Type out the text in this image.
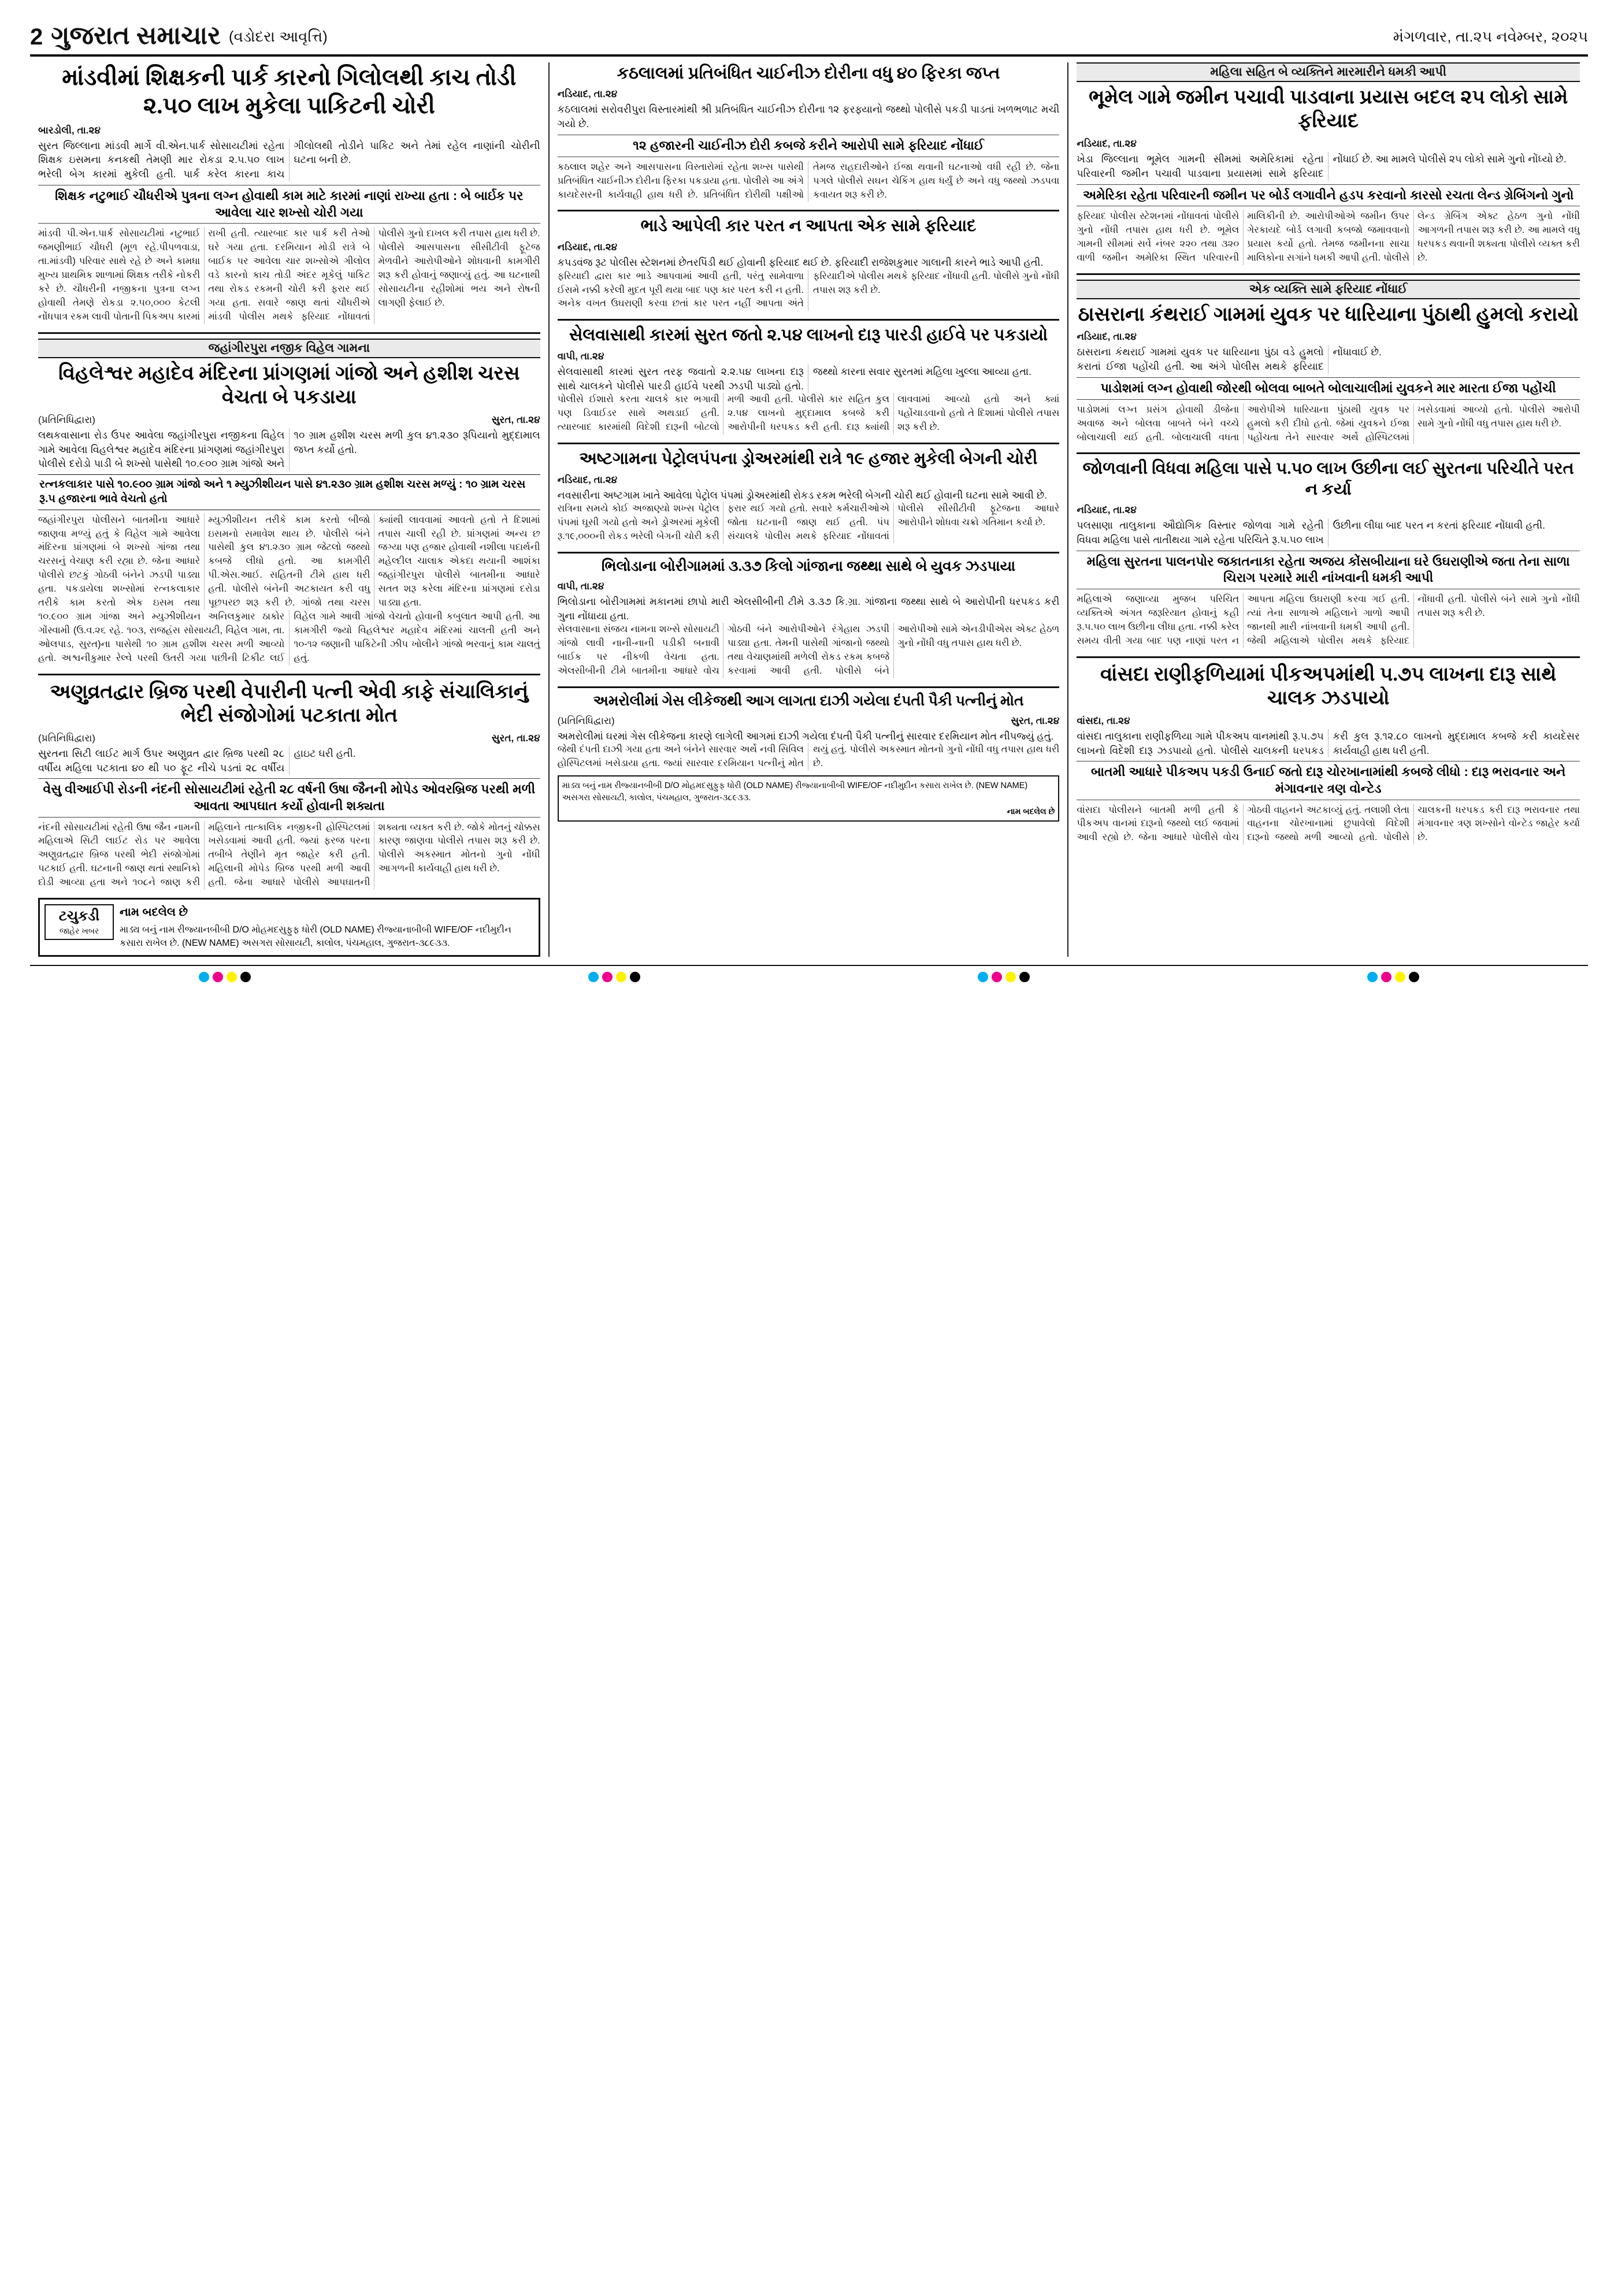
2 ગુજરાત સમાચાર (વડોદરા આવૃત્તિ)	મંગળવાર, તા.૨૫ નવેમ્બર, ૨૦૨૫
માંડવીમાં શિક્ષકની પાર્ક કારનો ગિલોલથી કાચ તોડી ૨.૫૦ લાખ મુકેલા પાકિટની ચોરી
બારડોલી, તા.૨૪
સુરત જિલ્લાના માંડવી માર્ગે વી.એન.પાર્ક સોસાયટીમાં રહેતા શિક્ષક ઇસમના કનકથી તેમણી માર રોકડા ૨.૫.૫૦ લાખ ભરેલી બેગ કારમાં મુકેલી હતી. પાર્ક કરેલ કારના કાચ ગીલોલથી તોડીને પાકિટ અને તેમાં રહેલ નાણાંની ચોરીની ઘટના બની છે.
શિક્ષક નટુભાઈ ચૌધરીએ પુત્રના લગ્ન હોવાથી કામ માટે કારમાં નાણાં રાખ્યા હતા : બે બાર્ઇક પર આવેલા ચાર શખ્સો ચોરી ગયા
માંડવી પી.એન.પાર્ક સોસાયટીમાં નટુભાઈ જમણીભાઈ ચૌધરી (મૂળ રહે.પીપળવાડા, તા.માંડવી) પરિવાર સાથે રહે છે અને કામધા મુખ્ય પ્રાથમિક શાળામાં શિક્ષક તરીકે નોકરી કરે છે. ચૌધરીની નજીકના પુત્રના લગ્ન હોવાથી તેમણે રોકડા ૨.૫૦,૦૦૦ કેટલી નોંધપાત્ર રકમ લાવી પોતાની પિકઅપ કારમાં રાખી હતી. ત્યારબાદ કાર પાર્ક કરી તેઓ ઘરે ગયા હતા. દરમિયાન મોડી રાત્રે બે બાઈક પર આવેલા ચાર શખ્સોએ ગીલોલ વડે કારનો કાચ તોડી અંદર મૂકેલું પાકિટ તથા રોકડ રકમની ચોરી કરી ફરાર થઈ ગયા હતા. સવારે જાણ થતાં ચૌધરીએ માંડવી પોલીસ મથકે ફરિયાદ નોંધાવતાં પોલીસે ગુનો દાખલ કરી તપાસ હાથ ધરી છે. પોલીસે આસપાસના સીસીટીવી ફૂટેજ મેળવીને આરોપીઓને શોધવાની કામગીરી શરૂ કરી હોવાનું જણાવ્યું હતું. આ ઘટનાથી સોસાયટીના રહીશોમાં ભય અને રોષની લાગણી ફેલાઈ છે.
જહાંગીરપુરા નજીક વિહેલ ગામના
વિહલેશ્વર મહાદેવ મંદિરના પ્રાંગણમાં ગાંજો અને હશીશ ચરસ વેચતા બે પકડાયા
(પ્રતિનિધિદ્વારા)	સુરત, તા.૨૪
લથકવાસાના રોડ ઉપર આવેલા જહાંગીરપુરા નજીકના વિહેલ ગામે આવેલા વિહલેશ્વર મહાદેવ મંદિરના પ્રાંગણમાં જહાંગીરપુરા પોલીસે દરોડો પાડી બે શખ્સો પાસેથી ૧૦.૯૦૦ ગ્રામ ગાંજો અને ૧૦ ગ્રામ હશીશ ચરસ મળી કુલ ૪૧.૨૩૦ રૂપિયાનો મુદ્દામાલ જપ્ત કર્યો હતો.
રત્નકલાકાર પાસે ૧૦.૯૦૦ ગ્રામ ગાંજો અને ૧ મ્યુઝીશીયન પાસે ૪૧.૨૩૦ ગ્રામ હશીશ ચરસ મળ્યું : ૧૦ ગ્રામ ચરસ રૂ.૫ હજારના ભાવે વેચતો હતો
જહાંગીરપુરા પોલીસને બાતમીના આધારે જાણવા મળ્યું હતું કે વિહેલ ગામે આવેલા મંદિરના પ્રાંગણમાં બે શખ્સો ગાંજા તથા ચરસનું વેચાણ કરી રહ્યા છે. જેના આધારે પોલીસે છટકું ગોઠવી બંનેને ઝડપી પાડ્યા હતા. પકડાયેલા શખ્સોમાં રત્નકલાકાર તરીકે કામ કરતો એક ઇસમ તથા મ્યુઝીશીયન તરીકે કામ કરતો બીજો ઇસમનો સમાવેશ થાય છે. પોલીસે બંને પાસેથી કુલ ૪૧.૨૩૦ ગ્રામ જેટલો જથ્થો કબજે લીધો હતો. આ કામગીરી પી.એસ.આઈ. સહિતની ટીમે હાથ ધરી હતી. પોલીસે બંનેની અટકાયત કરી વધુ પૂછપરછ શરૂ કરી છે. ગાંજો તથા ચરસ ક્યાંથી લાવવામાં આવતો હતો તે દિશામાં તપાસ ચાલી રહી છે. પ્રાંગણમાં અન્ય છ જગ્યા પણ હજાર હોવાથી નશીલા પદાર્થની મહેલ્દીલ ચાલાક એકદા થયાની આશંકા જહાંગીરપુરા પોલીસે બાતમીના આધારે સતત શરૂ કરેલા મંદિરના પ્રાંગણમાં દરોડા પાડ્યા હતા.
૧૦.૯૦૦ ગ્રામ ગાંજા અને મ્યુઝીશીયન અનિલકુમાર ઠાકોર ગોંસ્વામી (ઉ.વ.૨૬ રહે. ૧૦૩, રાજહંસ સોસાયટી, વિહેલ ગામ, તા. ઓલપાડ, સુરત)ના પાસેથી ૧૦ ગ્રામ હશીશ ચરસ મળી આવ્યો હતો. અશ્વનીકુમાર રેલ્વે પરથી ઉતરી ગયા પછીની ટિકીટ લઈ વિહેલ ગામે આવી ગાંજો વેચતો હોવાની કબુલાત આપી હતી. આ કામગીરી જ્યો વિહલેશ્વર મહાદેવ મંદિરમાં ચાલતી હતી અને ૧૦-૧૨ જણાની પાકિટેની ઝીપ ખોલીને ગાંજો ભરવાનું કામ ચાલતું હતું.
અણુવ્રતદ્વાર બ્રિજ પરથી વેપારીની પત્ની એવી કાફે સંચાલિકાનું ભેદી સંજોગોમાં પટકાતા મોત
(પ્રતિનિધિદ્વારા)	સુરત, તા.૨૪
સુરતના સિટી લાઈટ માર્ગ ઉપર અણુવ્રત દ્વાર બ્રિજ પરથી ૨૮ વર્ષીય મહિલા પટકાતા ૪૦ થી ૫૦ ફૂટ નીચે પડતાં ૨૮ વર્ષીય હાઇટ ઘરી હતી.
વેસુ વીઆઈપી રોડની નંદની સોસાયટીમાં રહેતી ૨૮ વર્ષની ઉષા જૈનની મોપેડ ઓવરબ્રિજ પરથી મળી આવતા આપઘાત કર્યો હોવાની શક્યતા
નંદની સોસાયટીમાં રહેતી ઉષા જૈન નામની મહિલાએ સિટી લાઈટ રોડ પર આવેલા અણુવ્રતદ્વાર બ્રિજ પરથી ભેદી સંજોગોમાં પટકાઈ હતી. ઘટનાની જાણ થતાં સ્થાનિકો દોડી આવ્યા હતા અને ૧૦૮ને જાણ કરી મહિલાને તાત્કાલિક નજીકની હોસ્પિટલમાં ખસેડવામાં આવી હતી. જ્યાં ફરજ પરના તબીબે તેણીને મૃત જાહેર કરી હતી. મહિલાની મોપેડ બ્રિજ પરથી મળી આવી હતી. જેના આધારે પોલીસે આપઘાતની શક્યતા વ્યક્ત કરી છે. જોકે મોતનું ચોક્કસ કારણ જાણવા પોલીસે તપાસ શરૂ કરી છે. પોલીસે અકસ્માત મોતનો ગુનો નોંધી આગળની કાર્યવાહી હાથ ધરી છે.
ટચુકડી
જાહેર ખબર
નામ બદલેલ છે
માડ્ય બનું નામ રીજ્યાનબીબી D/O મોહમદસુફુફ ધોરી (OLD NAME) રીજ્યાનાબીબી WIFE/OF નદીમુદીન કસારા રાખેલ છે. (NEW NAME) અસગરા સોસાયટી, કાલોલ, પંચમહાલ, ગુજરાત-૩૮૯૩૩.
કઠલાલમાં પ્રતિબંધિત ચાઈનીઝ દોરીના વધુ ૪૦ ફિરકા જપ્ત
નડિયાદ, તા.૨૪
કઠલાલમાં સરોવરીપુરા વિસ્તારમાંથી શ્રી પ્રતિબંધિત ચાઈનીઝ દોરીના ૧૨ ફરફ્યાનો જથ્થો પોલીસે પકડી પાડતાં ખળભળાટ મચી ગયો છે.
૧૨ હજારની ચાઈનીઝ દોરી કબજે કરીને આરોપી સામે ફરિયાદ નોંધાઈ
કઠલાલ શહેર અને આસપાસના વિસ્તારોમાં રહેતા શખ્સ પાસેથી પ્રતિબંધિત ચાઈનીઝ દોરીના ફિરકા પકડાયા હતા. પોલીસે આ અંગે કાયદેસરની કાર્યવાહી હાથ ધરી છે. પ્રતિબંધિત દોરીથી પક્ષીઓ તેમજ રાહદારીઓને ઈજા થવાની ઘટનાઓ વધી રહી છે. જેના પગલે પોલીસે સઘન ચેકિંગ હાથ ધર્યું છે અને વધુ જથ્થો ઝડપવા કવાયત શરૂ કરી છે.
ભાડે આપેલી કાર પરત ન આપતા એક સામે ફરિયાદ
નડિયાદ, તા.૨૪
કપડવંજ રૂટ પોલીસ સ્ટેશનમાં છેતરપિંડી થઈ હોવાની ફરિયાદ થઈ છે. ફરિયાદી રાજેશકુમાર ગાલાની કારને ભાડે આપી હતી.
ફરિયાદી દ્વારા કાર ભાડે આપવામાં આવી હતી, પરંતુ સામેવાળા ઈસમે નક્કી કરેલી મુદત પૂરી થયા બાદ પણ કાર પરત કરી ન હતી. અનેક વખત ઉઘરાણી કરવા છતાં કાર પરત નહીં આપતા અંતે ફરિયાદીએ પોલીસ મથકે ફરિયાદ નોંધાવી હતી. પોલીસે ગુનો નોંધી તપાસ શરૂ કરી છે.
સેલવાસાથી કારમાં સુરત જતો ૨.૫૪ લાખનો દારૂ પારડી હાઈવે પર પકડાયો
વાપી, તા.૨૪
સેલવાસાથી કારમાં સુરત તરફ જવાતો ૨.૨.૫૪ લાખના દારૂ સાથે ચાલકને પોલીસે પારડી હાઈવે પરથી ઝડપી પાડ્યો હતો. જથ્થો કારના સવાર સુરતમાં મહિલા ખુલ્લા આવ્યા હતા.
પોલીસે ઈશારો કરતા ચાલકે કાર ભગાવી પણ ડિવાઈડર સાથે અથડાઈ હતી. ત્યારબાદ કારમાંથી વિદેશી દારૂની બોટલો મળી આવી હતી. પોલીસે કાર સહિત કુલ ૨.૫૪ લાખનો મુદ્દામાલ કબજે કરી આરોપીની ધરપકડ કરી હતી. દારૂ ક્યાંથી લાવવામાં આવ્યો હતો અને ક્યાં પહોંચાડવાનો હતો તે દિશામાં પોલીસે તપાસ શરૂ કરી છે.
અષ્ટગામના પેટ્રોલપંપના ડ્રોઅરમાંથી રાત્રે ૧૯ હજાર મુકેલી બેગની ચોરી
નડિયાદ, તા.૨૪
નવસારીના અષ્ટગામ ખાતે આવેલા પેટ્રોલ પંપમાં ડ્રોઅરમાંથી રોકડ રકમ ભરેલી બેગની ચોરી થઈ હોવાની ઘટના સામે આવી છે.
રાત્રિના સમયે કોઈ અજાણ્યો શખ્સ પેટ્રોલ પંપમાં ઘૂસી ગયો હતો અને ડ્રોઅરમાં મૂકેલી રૂ.૧૯,૦૦૦ની રોકડ ભરેલી બેગની ચોરી કરી ફરાર થઈ ગયો હતો. સવારે કર્મચારીઓએ જોતા ઘટનાની જાણ થઈ હતી. પંપ સંચાલકે પોલીસ મથકે ફરિયાદ નોંધાવતાં પોલીસે સીસીટીવી ફૂટેજના આધારે આરોપીને શોધવા ચક્રો ગતિમાન કર્યા છે.
ભિલોડાના બોરીગામમાં ૩.૩૭ કિલો ગાંજાના જથ્થા સાથે બે યુવક ઝડપાયા
વાપી, તા.૨૪
ભિલોડાના બોરીગામમાં મકાનમાં છાપો મારી એલસીબીની ટીમે ૩.૩૭ કિ.ગ્રા. ગાંજાના જથ્થા સાથે બે આરોપીની ધરપકડ કરી ગુના નોંધાયા હતા.
સેલવાસાના સંજય નામના શખ્સે સોસાયટી ગાંજો લાવી નાની-નાની પડીકી બનાવી બાઈક પર નીકળી વેચતા હતા. એલસીબીની ટીમે બાતમીના આધારે વોચ ગોઠવી બંને આરોપીઓને રંગેહાથ ઝડપી પાડ્યા હતા. તેમની પાસેથી ગાંજાનો જથ્થો તથા વેચાણમાંથી મળેલી રોકડ રકમ કબજે કરવામાં આવી હતી. પોલીસે બંને આરોપીઓ સામે એનડીપીએસ એક્ટ હેઠળ ગુનો નોંધી વધુ તપાસ હાથ ધરી છે.
અમરોલીમાં ગેસ લીકેજથી આગ લાગતા દાઝી ગયેલા દંપતી પૈકી પત્નીનું મોત
(પ્રતિનિધિદ્વારા)	સુરત, તા.૨૪
અમરોલીમાં ઘરમાં ગેસ લીકેજના કારણે લાગેલી આગમાં દાઝી ગયેલા દંપતી પૈકી પત્નીનું સારવાર દરમિયાન મોત નીપજ્યું હતું.
જેથી દંપતી દાઝી ગયા હતા અને બંનેને સારવાર અર્થે નવી સિવિલ હોસ્પિટલમાં ખસેડાયા હતા. જ્યાં સારવાર દરમિયાન પત્નીનું મોત થયું હતું. પોલીસે અકસ્માત મોતનો ગુનો નોંધી વધુ તપાસ હાથ ધરી છે.
માડ્ય બનું નામ રીજ્યાનબીબી D/O મોહમદસુફુફ ધોરી (OLD NAME) રીજ્યાનાબીબી WIFE/OF નદીમુદીન કસારા રાખેલ છે. (NEW NAME) અસગરા સોસાયટી, કાલોલ, પંચમહાલ, ગુજરાત-૩૮૯૩૩.
નામ બદલેલ છે
મહિલા સહિત બે વ્યક્તિને મારમારીને ધમકી આપી
ભૂમેલ ગામે જમીન પચાવી પાડવાના પ્રયાસ બદલ ૨૫ લોકો સામે ફરિયાદ
નડિયાદ, તા.૨૪
ખેડા જિલ્લાના ભૂમેલ ગામની સીમમાં અમેરિકામાં રહેતા પરિવારની જમીન પચાવી પાડવાના પ્રયાસમાં સામે ફરિયાદ નોંધાઈ છે. આ મામલે પોલીસે ૨૫ લોકો સામે ગુનો નોંધ્યો છે.
અમેરિકા રહેતા પરિવારની જમીન પર બોર્ડ લગાવીને હડપ કરવાનો કારસો રચતા લેન્ડ ગ્રેબિંગનો ગુનો
ફરિયાદ પોલીસ સ્ટેશનમાં નોંધાવતાં પોલીસે ગુનો નોંધી તપાસ હાથ ધરી છે. ભૂમેલ ગામની સીમમાં સર્વે નંબર ૨૨૦ તથા ૩૨૦ વાળી જમીન અમેરિકા સ્થિત પરિવારની માલિકીની છે. આરોપીઓએ જમીન ઉપર ગેરકાયદે બોર્ડ લગાવી કબજો જમાવવાનો પ્રયાસ કર્યો હતો. તેમજ જમીનના સાચા માલિકોના સગાંને ધમકી આપી હતી. પોલીસે લેન્ડ ગ્રેબિંગ એક્ટ હેઠળ ગુનો નોંધી આગળની તપાસ શરૂ કરી છે. આ મામલે વધુ ધરપકડ થવાની શક્યતા પોલીસે વ્યક્ત કરી છે.
એક વ્યક્તિ સામે ફરિયાદ નોંધાઈ
ઠાસરાના કંથરાઈ ગામમાં યુવક પર ધારિયાના પુંઠાથી હુમલો કરાયો
નડિયાદ, તા.૨૪
ઠાસરાના કંથરાઈ ગામમાં યુવક પર ધારિયાના પુંઠા વડે હુમલો કરાતાં ઈજા પહોંચી હતી. આ અંગે પોલીસ મથકે ફરિયાદ નોંધાવાઈ છે.
પાડોશમાં લગ્ન હોવાથી જોરથી બોલવા બાબતે બોલાચાલીમાં યુવકને માર મારતા ઈજા પહોંચી
પાડોશમાં લગ્ન પ્રસંગ હોવાથી ડીજેના અવાજ અને બોલવા બાબતે બંને વચ્ચે બોલાચાલી થઈ હતી. બોલાચાલી વધતા આરોપીએ ધારિયાના પુંઠાથી યુવક પર હુમલો કરી દીધો હતો. જેમાં યુવકને ઈજા પહોંચતા તેને સારવાર અર્થે હોસ્પિટલમાં ખસેડવામાં આવ્યો હતો. પોલીસે આરોપી સામે ગુનો નોંધી વધુ તપાસ હાથ ધરી છે.
જોળવાની વિધવા મહિલા પાસે ૫.૫૦ લાખ ઉછીના લઈ સુરતના પરિચીતે પરત ન કર્યા
નડિયાદ, તા.૨૪
પલસાણા તાલુકાના ઔદ્યોગિક વિસ્તાર જોળવા ગામે રહેતી વિધવા મહિલા પાસે તાતીથયા ગામે રહેતા પરિચિતે રૂ.૫.૫૦ લાખ ઉછીના લીધા બાદ પરત ન કરતાં ફરિયાદ નોંધાવી હતી.
મહિલા સુરતના પાલનપોર જકાતનાકા રહેતા અજય કોંસબીયાના ઘરે ઉઘરાણીએ જતા તેના સાળા ચિરાગ પરમારે મારી નાંખવાની ધમકી આપી
મહિલાએ જણાવ્યા મુજબ પરિચિત વ્યક્તિએ અંગત જરૂરિયાત હોવાનું કહી રૂ.૫.૫૦ લાખ ઉછીના લીધા હતા. નક્કી કરેલ સમય વીતી ગયા બાદ પણ નાણાં પરત ન આપતા મહિલા ઉઘરાણી કરવા ગઈ હતી. ત્યાં તેના સાળાએ મહિલાને ગાળો આપી જાનથી મારી નાંખવાની ધમકી આપી હતી. જેથી મહિલાએ પોલીસ મથકે ફરિયાદ નોંધાવી હતી. પોલીસે બંને સામે ગુનો નોંધી તપાસ શરૂ કરી છે.
વાંસદા રાણીફળિયામાં પીકઅપમાંથી ૫.૭૫ લાખના દારૂ સાથે ચાલક ઝડપાયો
વાંસદા, તા.૨૪
વાંસદા તાલુકાના રાણીફળિયા ગામે પીકઅપ વાનમાંથી રૂ.૫.૭૫ લાખનો વિદેશી દારૂ ઝડપાયો હતો. પોલીસે ચાલકની ધરપકડ કરી કુલ રૂ.૧૨.૮૦ લાખનો મુદ્દામાલ કબજે કરી કાયદેસર કાર્યવાહી હાથ ધરી હતી.
બાતમી આધારે પીકઅપ પકડી ઉનાઈ જતો દારૂ ચોરખાનામાંથી કબજે લીધો : દારૂ ભરાવનાર અને મંગાવનાર ત્રણ વોન્ટેડ
વાંસદા પોલીસને બાતમી મળી હતી કે પીકઅપ વાનમાં દારૂનો જથ્થો લઈ જવામાં આવી રહ્યો છે. જેના આધારે પોલીસે વોચ ગોઠવી વાહનને અટકાવ્યું હતું. તલાશી લેતા વાહનના ચોરખાનામાં છુપાવેલો વિદેશી દારૂનો જથ્થો મળી આવ્યો હતો. પોલીસે ચાલકની ધરપકડ કરી દારૂ ભરાવનાર તથા મંગાવનાર ત્રણ શખ્સોને વોન્ટેડ જાહેર કર્યા છે.
